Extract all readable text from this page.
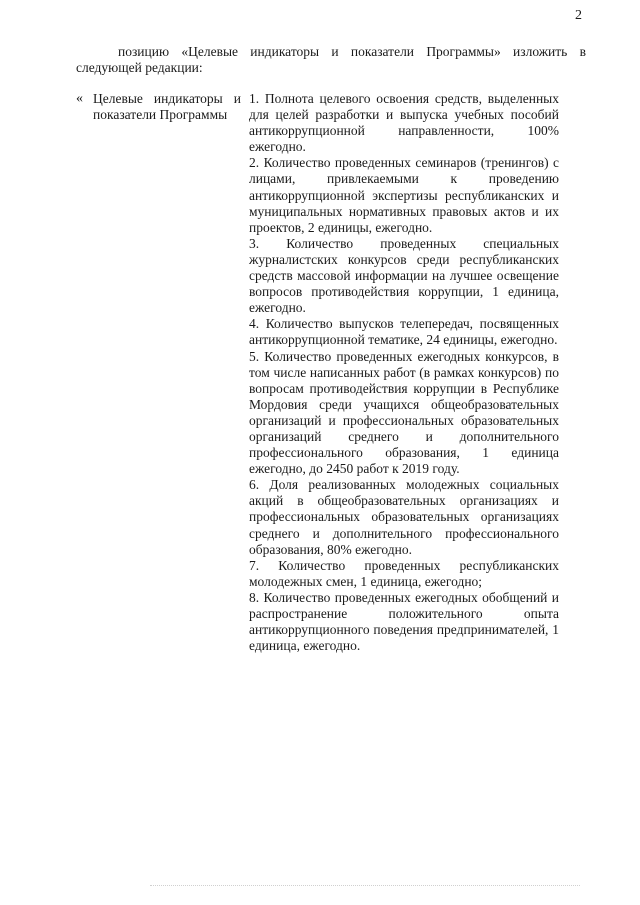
2
позицию «Целевые индикаторы и показатели Программы» изложить в следующей редакции:
« Целевые индикаторы и показатели Программы

1. Полнота целевого освоения средств, выделенных для целей разработки и выпуска учебных пособий антикоррупционной направленности, 100% ежегодно.

2. Количество проведенных семинаров (тренингов) с лицами, привлекаемыми к проведению антикоррупционной экспертизы республиканских и муниципальных нормативных правовых актов и их проектов, 2 единицы, ежегодно.

3. Количество проведенных специальных журналистских конкурсов среди республиканских средств массовой информации на лучшее освещение вопросов противодействия коррупции, 1 единица, ежегодно.

4. Количество выпусков телепередач, посвященных антикоррупционной тематике, 24 единицы, ежегодно.

5. Количество проведенных ежегодных конкурсов, в том числе написанных работ (в рамках конкурсов) по вопросам противодействия коррупции в Республике Мордовия среди учащихся общеобразовательных организаций и профессиональных образовательных организаций среднего и дополнительного профессионального образования, 1 единица ежегодно, до 2450 работ к 2019 году.

6. Доля реализованных молодежных социальных акций в общеобразовательных организациях и профессиональных образовательных организациях среднего и дополнительного профессионального образования, 80% ежегодно.

7. Количество проведенных республиканских молодежных смен, 1 единица, ежегодно;

8. Количество проведенных ежегодных обобщений и распространение положительного опыта антикоррупционного поведения предпринимателей, 1 единица, ежегодно.
